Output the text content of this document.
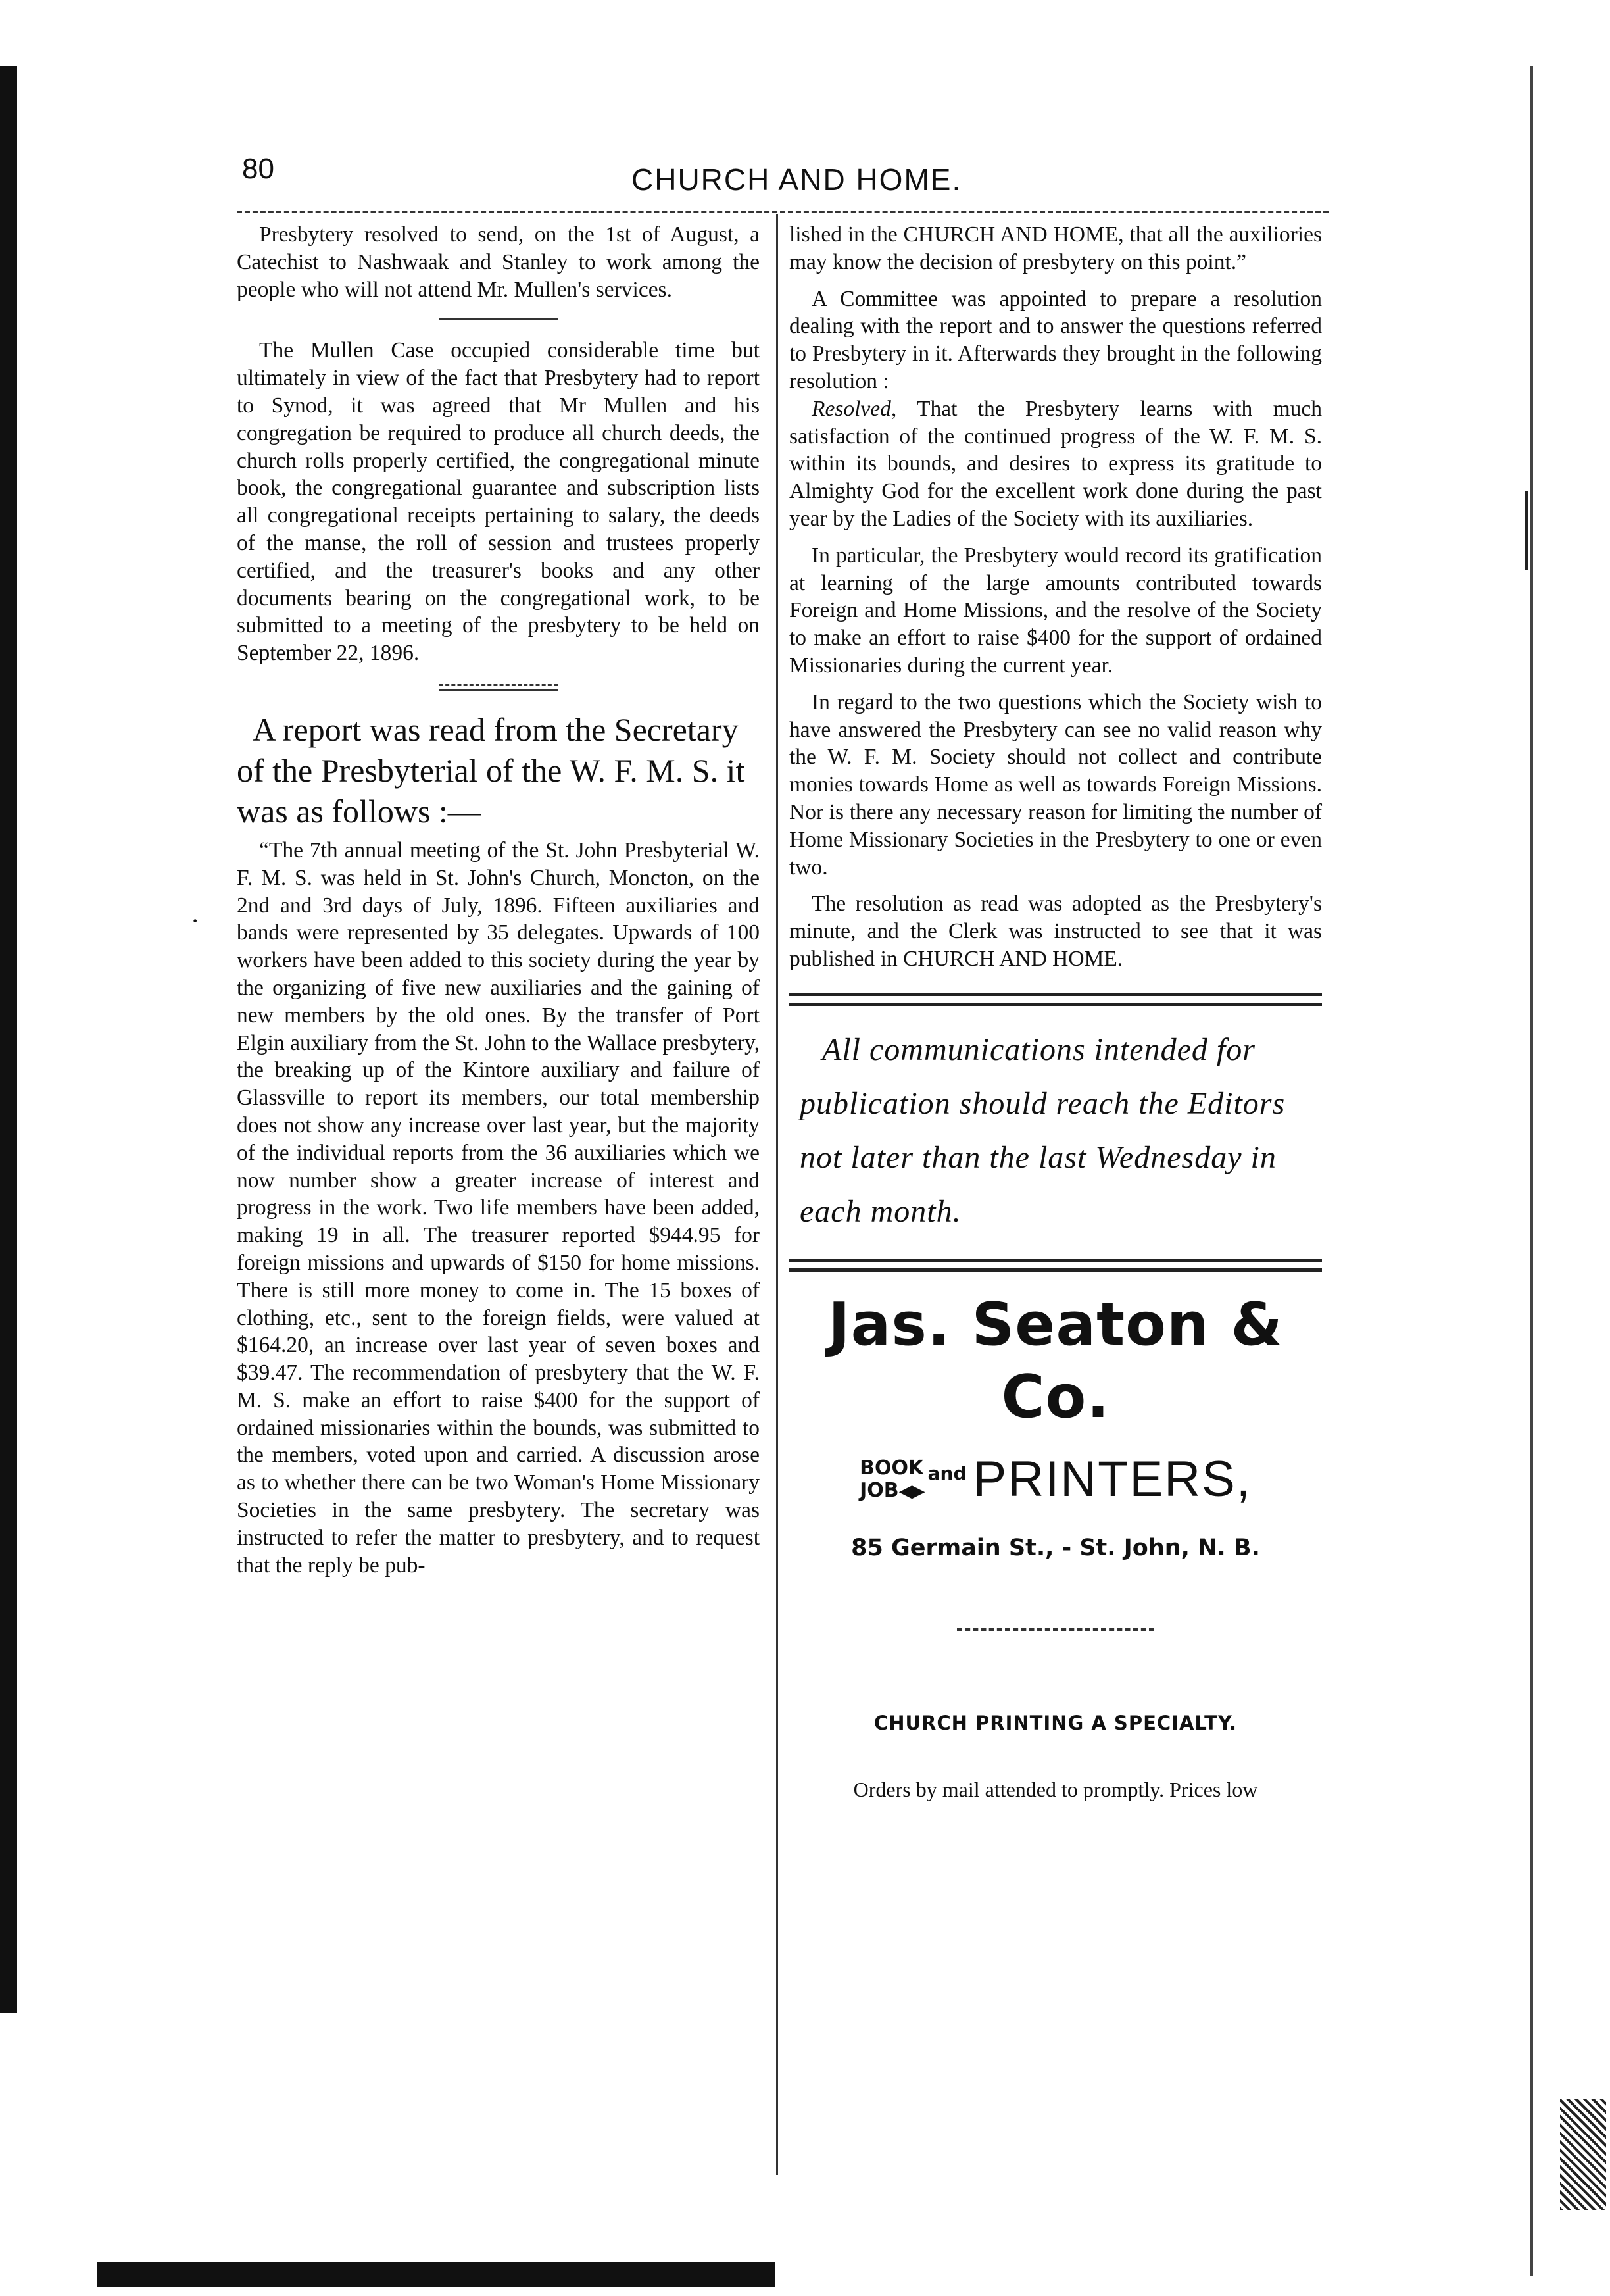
80	CHURCH AND HOME.
·

Presbytery resolved to send, on the 1st of August, a Catechist to Nashwaak and Stanley to work among the people who will not attend Mr. Mullen's services.

The Mullen Case occupied considerable time but ultimately in view of the fact that Presbytery had to report to Synod, it was agreed that Mr Mullen and his congregation be required to produce all church deeds, the church rolls properly certified, the congregational minute book, the congregational guarantee and subscription lists all congregational receipts pertaining to salary, the deeds of the manse, the roll of session and trustees properly certified, and the treasurer's books and any other documents bearing on the congregational work, to be submitted to a meeting of the presbytery to be held on September 22, 1896.

A report was read from the Secretary of the Presbyterial of the W. F. M. S. it was as follows :—

“The 7th annual meeting of the St. John Presbyterial W. F. M. S. was held in St. John's Church, Moncton, on the 2nd and 3rd days of July, 1896. Fifteen auxiliaries and bands were represented by 35 delegates. Upwards of 100 workers have been added to this society during the year by the organizing of five new auxiliaries and the gaining of new members by the old ones. By the transfer of Port Elgin auxiliary from the St. John to the Wallace presbytery, the breaking up of the Kintore auxiliary and failure of Glassville to report its members, our total membership does not show any increase over last year, but the majority of the individual reports from the 36 auxiliaries which we now number show a greater increase of interest and progress in the work. Two life members have been added, making 19 in all. The treasurer reported $944.95 for foreign missions and upwards of $150 for home missions. There is still more money to come in. The 15 boxes of clothing, etc., sent to the foreign fields, were valued at $164.20, an increase over last year of seven boxes and $39.47. The recommendation of presbytery that the W. F. M. S. make an effort to raise $400 for the support of ordained missionaries within the bounds, was submitted to the members, voted upon and carried. A discussion arose as to whether there can be two Woman's Home Missionary Societies in the same presbytery. The secretary was instructed to refer the matter to presbytery, and to request that the reply be pub-

lished in the CHURCH AND HOME, that all the auxiliories may know the decision of presbytery on this point.”

A Committee was appointed to prepare a resolution dealing with the report and to answer the questions referred to Presbytery in it. Afterwards they brought in the following resolution :

Resolved, That the Presbytery learns with much satisfaction of the continued progress of the W. F. M. S. within its bounds, and desires to express its gratitude to Almighty God for the excellent work done during the past year by the Ladies of the Society with its auxiliaries.

In particular, the Presbytery would record its gratification at learning of the large amounts contributed towards Foreign and Home Missions, and the resolve of the Society to make an effort to raise $400 for the support of ordained Missionaries during the current year.

In regard to the two questions which the Society wish to have answered the Presbytery can see no valid reason why the W. F. M. Society should not collect and contribute monies towards Home as well as towards Foreign Missions. Nor is there any necessary reason for limiting the number of Home Missionary Societies in the Presbytery to one or even two.

The resolution as read was adopted as the Presbytery's minute, and the Clerk was instructed to see that it was published in CHURCH AND HOME.

All communications intended for publication should reach the Editors not later than the last Wednesday in each month.

Jas. Seaton & Co.
BOOK
JOB◀▶
and PRINTERS,
85 Germain St., - St. John, N. B.
CHURCH PRINTING A SPECIALTY.
Orders by mail attended to promptly. Prices low
